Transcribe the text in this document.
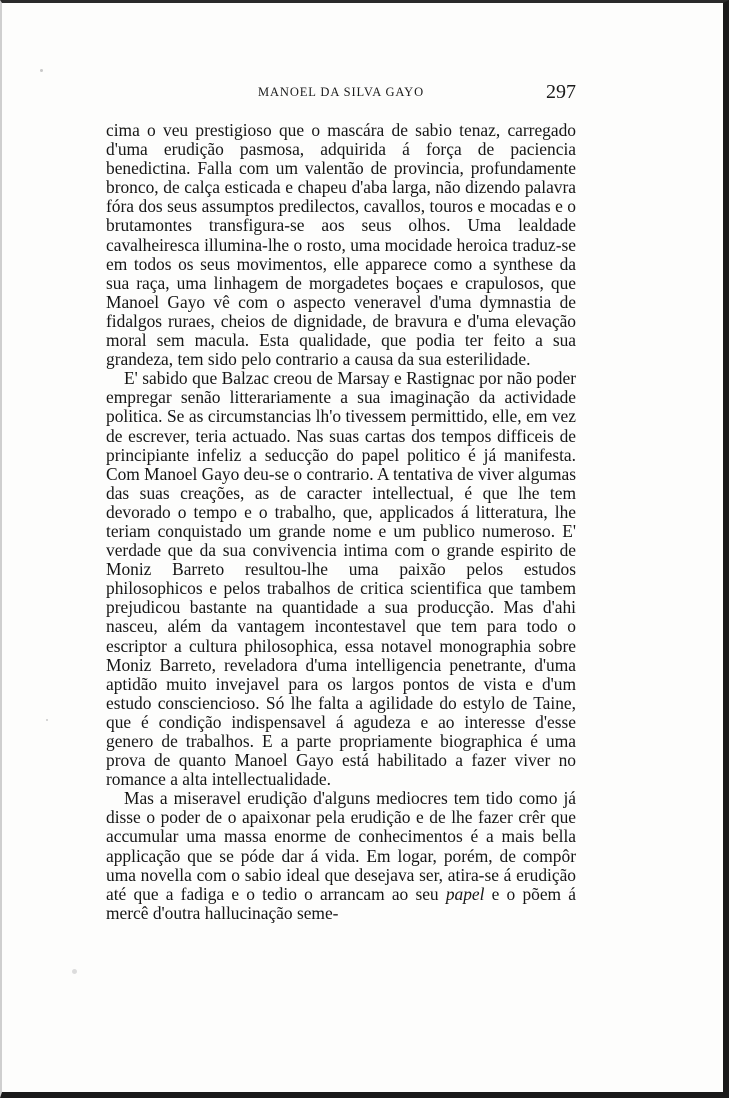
MANOEL DA SILVA GAYO	297

cima o veu prestigioso que o mascára de sabio tenaz, carregado d'uma erudição pasmosa, adquirida á força de paciencia benedictina. Falla com um valentão de provincia, profundamente bronco, de calça esticada e chapeu d'aba larga, não dizendo palavra fóra dos seus assumptos predilectos, cavallos, touros e mocadas e o brutamontes transfigura-se aos seus olhos. Uma lealdade cavalheiresca illumina-lhe o rosto, uma mocidade heroica traduz-se em todos os seus movimentos, elle apparece como a synthese da sua raça, uma linhagem de morgadetes boçaes e crapulosos, que Manoel Gayo vê com o aspecto veneravel d'uma dymnastia de fidalgos ruraes, cheios de dignidade, de bravura e d'uma elevação moral sem macula. Esta qualidade, que podia ter feito a sua grandeza, tem sido pelo contrario a causa da sua esterilidade.

E' sabido que Balzac creou de Marsay e Rastignac por não poder empregar senão litterariamente a sua imaginação da actividade politica. Se as circumstancias lh'o tivessem permittido, elle, em vez de escrever, teria actuado. Nas suas cartas dos tempos difficeis de principiante infeliz a seducção do papel politico é já manifesta. Com Manoel Gayo deu-se o contrario. A tentativa de viver algumas das suas creações, as de caracter intellectual, é que lhe tem devorado o tempo e o trabalho, que, applicados á litteratura, lhe teriam conquistado um grande nome e um publico numeroso. E' verdade que da sua convivencia intima com o grande espirito de Moniz Barreto resultou-lhe uma paixão pelos estudos philosophicos e pelos trabalhos de critica scientifica que tambem prejudicou bastante na quantidade a sua producção. Mas d'ahi nasceu, além da vantagem incontestavel que tem para todo o escriptor a cultura philosophica, essa notavel monographia sobre Moniz Barreto, reveladora d'uma intelligencia penetrante, d'uma aptidão muito invejavel para os largos pontos de vista e d'um estudo consciencioso. Só lhe falta a agilidade do estylo de Taine, que é condição indispensavel á agudeza e ao interesse d'esse genero de trabalhos. E a parte propriamente biographica é uma prova de quanto Manoel Gayo está habilitado a fazer viver no romance a alta intellectualidade.

Mas a miseravel erudição d'alguns mediocres tem tido como já disse o poder de o apaixonar pela erudição e de lhe fazer crêr que accumular uma massa enorme de conhecimentos é a mais bella applicação que se póde dar á vida. Em logar, porém, de compôr uma novella com o sabio ideal que desejava ser, atira-se á erudição até que a fadiga e o tedio o arrancam ao seu papel e o põem á mercê d'outra hallucinação seme-
